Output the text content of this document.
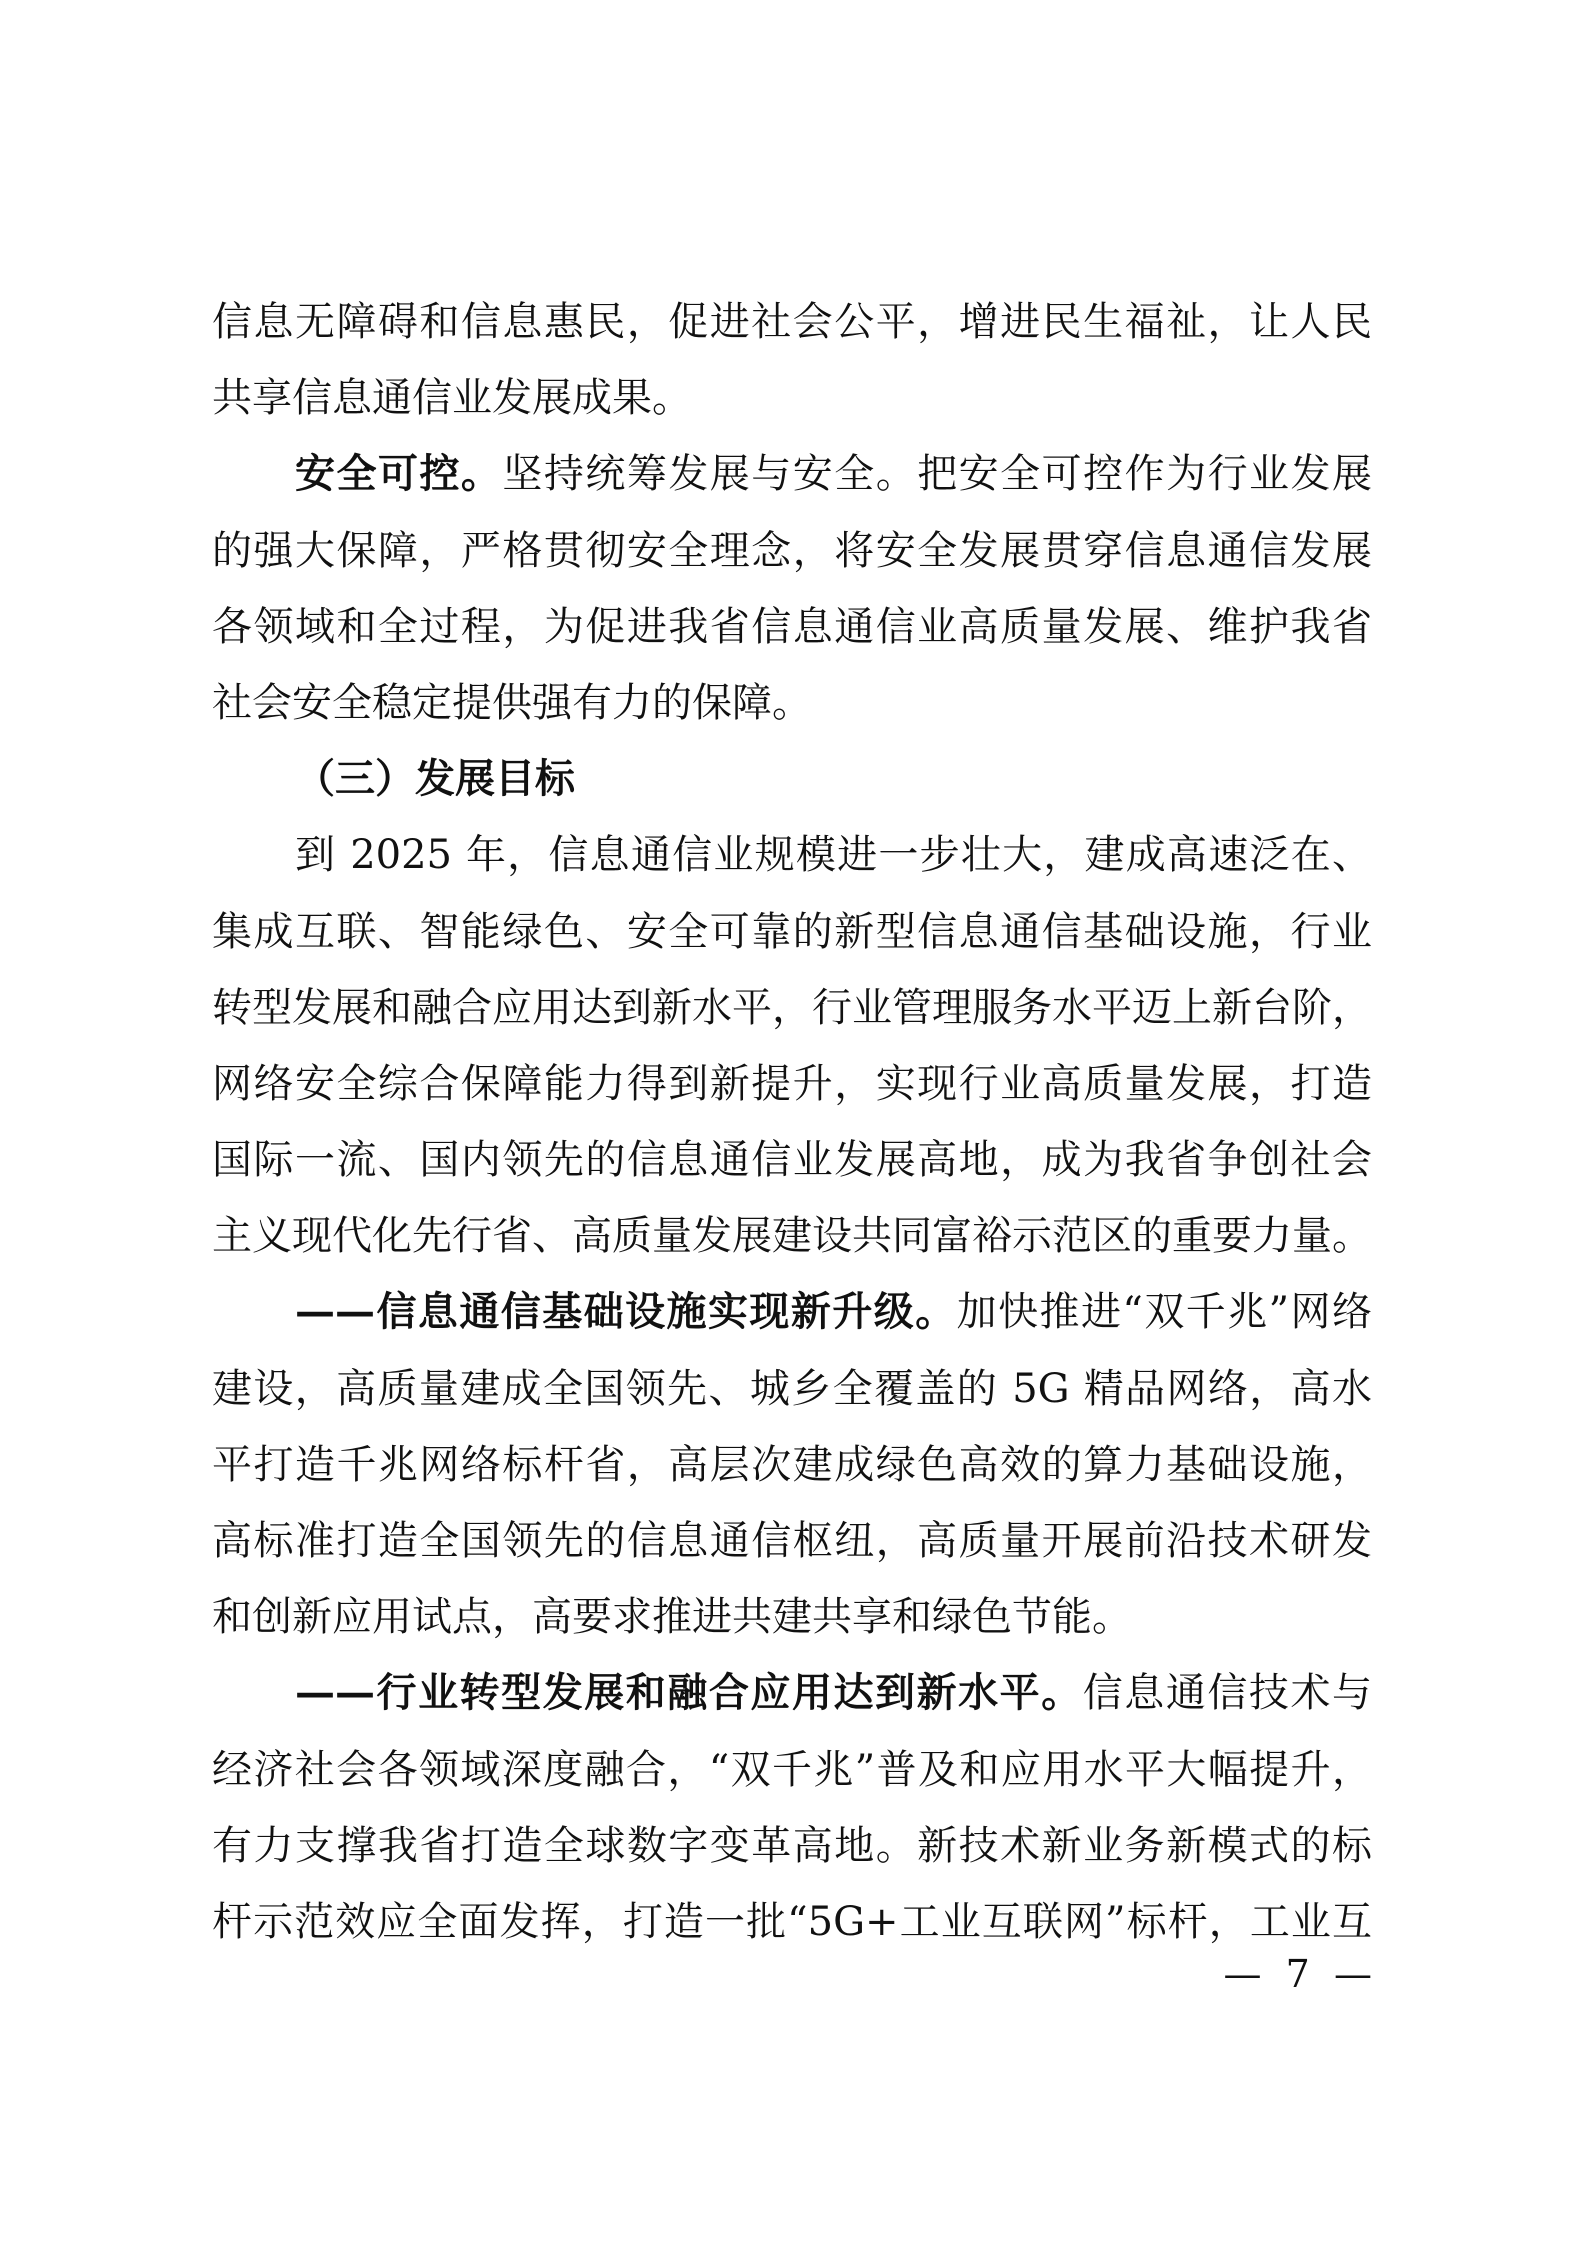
信息无障碍和信息惠民，促进社会公平，增进民生福祉，让人民
共享信息通信业发展成果。
安全可控。坚持统筹发展与安全。把安全可控作为行业发展
的强大保障，严格贯彻安全理念，将安全发展贯穿信息通信发展
各领域和全过程，为促进我省信息通信业高质量发展、维护我省
社会安全稳定提供强有力的保障。
（三）发展目标
到 2025 年，信息通信业规模进一步壮大，建成高速泛在、
集成互联、智能绿色、安全可靠的新型信息通信基础设施，行业
转型发展和融合应用达到新水平，行业管理服务水平迈上新台阶，
网络安全综合保障能力得到新提升，实现行业高质量发展，打造
国际一流、国内领先的信息通信业发展高地，成为我省争创社会
主义现代化先行省、高质量发展建设共同富裕示范区的重要力量。
——信息通信基础设施实现新升级。加快推进“双千兆”网络
建设，高质量建成全国领先、城乡全覆盖的 5G 精品网络，高水
平打造千兆网络标杆省，高层次建成绿色高效的算力基础设施，
高标准打造全国领先的信息通信枢纽，高质量开展前沿技术研发
和创新应用试点，高要求推进共建共享和绿色节能。
——行业转型发展和融合应用达到新水平。信息通信技术与
经济社会各领域深度融合，“双千兆”普及和应用水平大幅提升，
有力支撑我省打造全球数字变革高地。新技术新业务新模式的标
杆示范效应全面发挥，打造一批“5G+工业互联网”标杆，工业互
—  7  —
